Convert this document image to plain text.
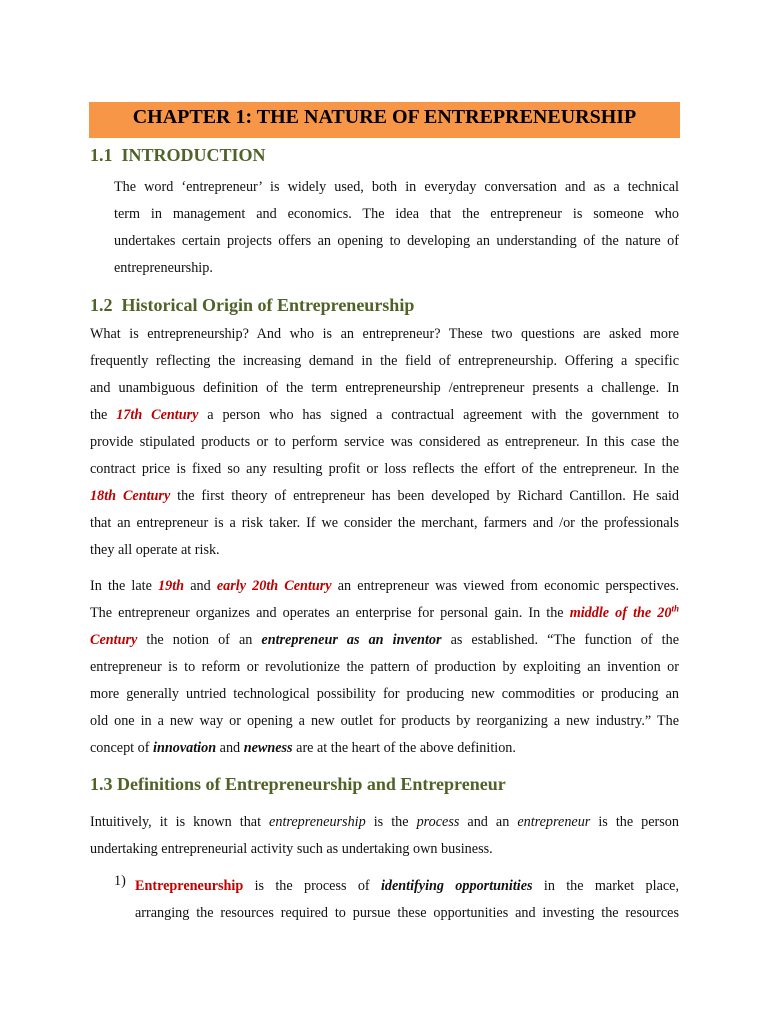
CHAPTER 1: THE NATURE OF ENTREPRENEURSHIP
1.1 INTRODUCTION
The word ‘entrepreneur’ is widely used, both in everyday conversation and as a technical
term in management and economics. The idea that the entrepreneur is someone who
undertakes certain projects offers an opening to developing an understanding of the nature of
entrepreneurship.
1.2 Historical Origin of Entrepreneurship
What is entrepreneurship? And who is an entrepreneur? These two questions are asked more
frequently reflecting the increasing demand in the field of entrepreneurship. Offering a specific
and unambiguous definition of the term entrepreneurship /entrepreneur presents a challenge. In
the 17th Century a person who has signed a contractual agreement with the government to
provide stipulated products or to perform service was considered as entrepreneur. In this case the
contract price is fixed so any resulting profit or loss reflects the effort of the entrepreneur. In the
18th Century the first theory of entrepreneur has been developed by Richard Cantillon. He said
that an entrepreneur is a risk taker. If we consider the merchant, farmers and /or the professionals
they all operate at risk.
In the late 19th and early 20th Century an entrepreneur was viewed from economic perspectives.
The entrepreneur organizes and operates an enterprise for personal gain. In the middle of the 20th
Century the notion of an entrepreneur as an inventor as established. “The function of the
entrepreneur is to reform or revolutionize the pattern of production by exploiting an invention or
more generally untried technological possibility for producing new commodities or producing an
old one in a new way or opening a new outlet for products by reorganizing a new industry.” The
concept of innovation and newness are at the heart of the above definition.
1.3 Definitions of Entrepreneurship and Entrepreneur
Intuitively, it is known that entrepreneurship is the process and an entrepreneur is the person
undertaking entrepreneurial activity such as undertaking own business.
1) Entrepreneurship is the process of identifying opportunities in the market place,
arranging the resources required to pursue these opportunities and investing the resources
